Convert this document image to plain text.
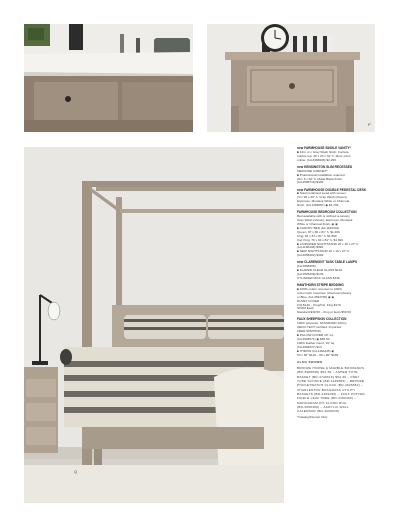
P
Q
new FARMHOUSE SINGLE VANITY*
■ 12in. w x Gray Wash finish; Carrara
marble top. 36 x 20 x 32" h. More sizes
online. (bd-3383608) $2,299
new KENSINGTON SLIM RECESSED
MEDICINE CABINET*
■ Professional installation required.
20 x 5 x 42" h. Matte Black finish.
(bd-4688716) $499
new FARMHOUSE DOUBLE PEDESTAL DESK
■ Solid reclaimed wood with veneer.
70 x 28 x 30" h. Gray Wash (shown),
Espresso, Montauk White or Charcoal
finish. (bd-1489087) ◉ $1,799
FARMHOUSE BEDROOM COLLECTION
Bed available with or without a canopy.
Gray Wash (shown), Espresso, Montauk
White or Charcoal finish. ◉ ◉
■ CANOPY BED (bd-1166434)
Queen, 87 x 66 x 81" h. $1,499
King, 84 x 87 x 81" h. $1,699
Cal. King, 76 x 84 x 81" h. $1,699
■ 2-DRAWER NIGHTSTAND 26 x 18 x 27" h.
(bd-1166448) $499
■ NEW NIGHTSTAND 18 x 16 x 27" h.
(bd-4058482) $399
new CLAREMONT TASK TABLE LAMPS
(bd-1868456)
■ FLARED CLEAR GLASS $149
(bd-1825208) $149
CYLINDER MILK GLASS $149
HAWTHORN STRIPE BEDDING
■ 100% cotton reverses to 100%
cotton twill. Imported. Charcoal (shown)
or Blue. (bd-4694796) ◉ ◉
DUVET COVER
F/Q $149 – King/Cal. King $179
SHAM Each
Standard $49.50 – King or Euro $59.50
FAUX SHEEPSKIN COLLECTION
100% polyester. STANDARD 100 by
OEKO-TEX® certified. Imported.
FREE SHIPPING
■ PILLOW COVER 16" sq.
(bd-4694571) ◉ $59.50
100% feather insert, 16" sq.
(bd-4694617) $14
■ THROW (bd-1166445) ◉
50 x 60" $119 – 60 x 80" $189
ALSO SHOWN
BRONZE HORSE & MARBLE BOOKENDS
(BD-3988698) $52.60 – ASHER TOTE
BASKET (BD-4749616) $52.60 – FREY
TUBE SCONCE (BD-4105865) – BRONZE
POCKETWATCH CLOCK (BD-3928652) –
CHARLESTON BOXGRASS UTILITY
BASKETS (BD-4109296) – FAUX POTTED
FIDDLE LEAF TREE (BD-4189496) –
MONOGRAM OIT FLOOD RUG
(BD-4058486) – ACRYLIC WALL
CALENDAR (BD-4008618)
*Catalog/Internet Only
